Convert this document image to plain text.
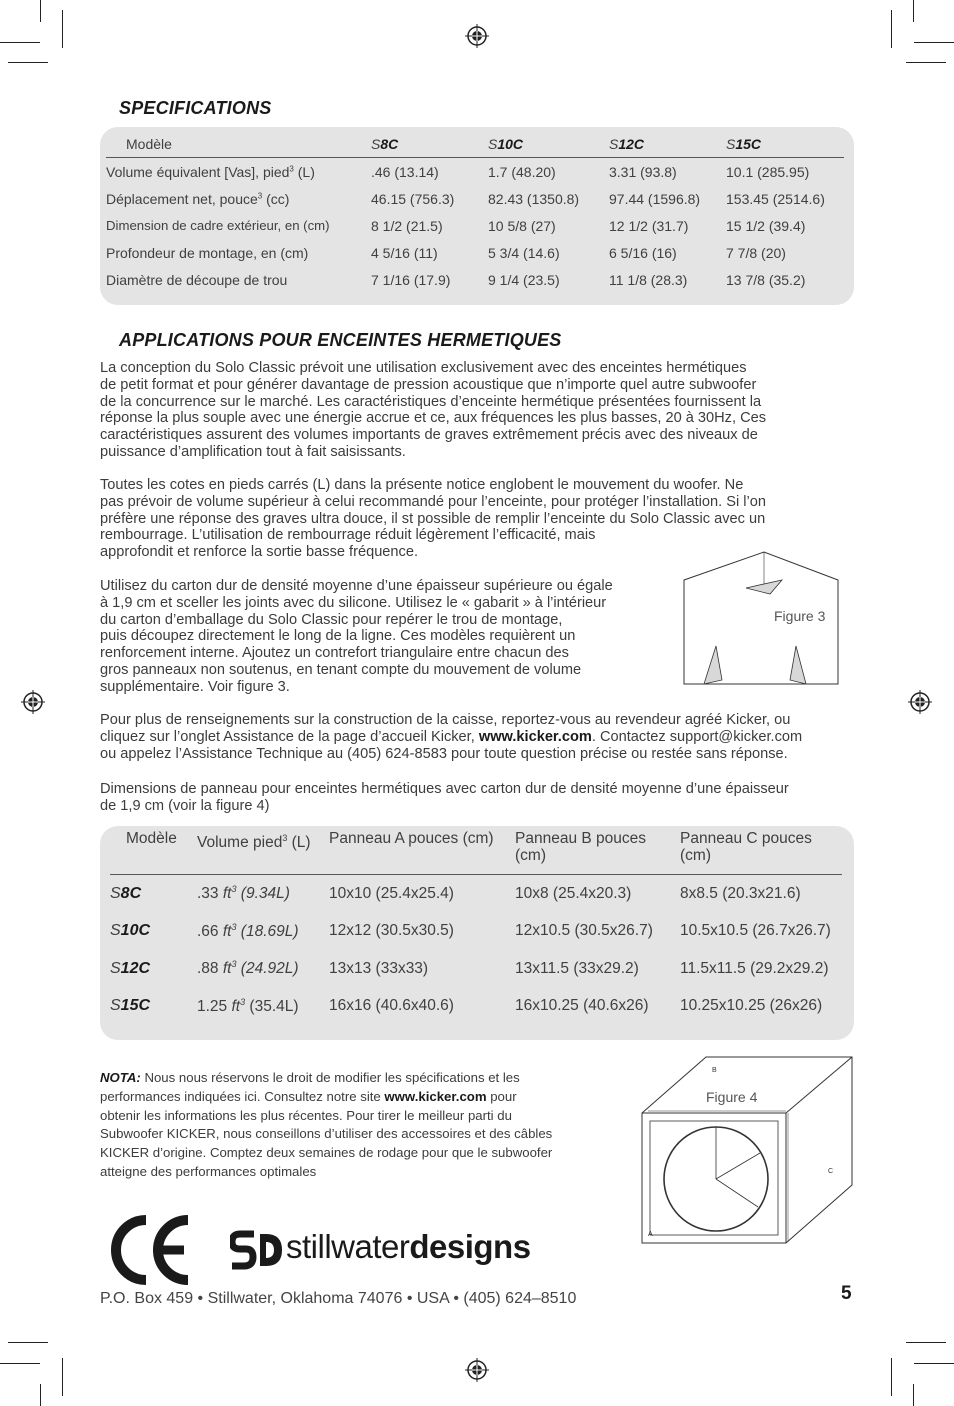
SPECIFICATIONS
Modèle	S8C	S10C	S12C	S15C
Volume équivalent [Vas], pied$^3$ (L)	.46 (13.14)	1.7 (48.20)	3.31 (93.8)	10.1 (285.95)
Déplacement net, pouce$^3$ (cc)	46.15 (756.3)	82.43 (1350.8)	97.44 (1596.8)	153.45 (2514.6)
Dimension de cadre extérieur, en (cm)	8 1/2 (21.5)	10 5/8 (27)	12 1/2 (31.7)	15 1/2 (39.4)
Profondeur de montage, en (cm)	4 5/16 (11)	5 3/4 (14.6)	6 5/16 (16)	7 7/8 (20)
Diamètre de découpe de trou	7 1/16 (17.9)	9 1/4 (23.5)	11 1/8 (28.3)	13 7/8 (35.2)
APPLICATIONS POUR ENCEINTES HERMETIQUES

La conception du Solo Classic prévoit une utilisation exclusivement avec des enceintes hermétiques
de petit format et pour générer davantage de pression acoustique que n’importe quel autre subwoofer
de la concurrence sur le marché. Les caractéristiques d’enceinte hermétique présentées fournissent la
réponse la plus souple avec une énergie accrue et ce, aux fréquences les plus basses, 20 à 30Hz, Ces
caractéristiques assurent des volumes importants de graves extrêmement précis avec des niveaux de
puissance d’amplification tout à fait saisissants.

Toutes les cotes en pieds carrés (L) dans la présente notice englobent le mouvement du woofer. Ne
pas prévoir de volume supérieur à celui recommandé pour l’enceinte, pour protéger l’installation. Si l’on
préfère une réponse des graves ultra douce, il st possible de remplir l’enceinte du Solo Classic avec un
rembourrage. L’utilisation de rembourrage réduit légèrement l’efficacité, mais
approfondit et renforce la sortie basse fréquence.

Utilisez du carton dur de densité moyenne d’une épaisseur supérieure ou égale
à 1,9 cm et sceller les joints avec du silicone. Utilisez le « gabarit » à l’intérieur
du carton d’emballage du Solo Classic pour repérer le trou de montage,
puis découpez directement le long de la ligne. Ces modèles requièrent un
renforcement interne. Ajoutez un contrefort triangulaire entre chacun des
gros panneaux non soutenus, en tenant compte du mouvement de volume
supplémentaire. Voir figure 3.

Figure 3

Pour plus de renseignements sur la construction de la caisse, reportez-vous au revendeur agréé Kicker, ou
cliquez sur l’onglet Assistance de la page d’accueil Kicker, www.kicker.com. Contactez support@kicker.com
ou appelez l’Assistance Technique au (405) 624-8583 pour toute question précise ou restée sans réponse.

Dimensions de panneau pour enceintes hermétiques avec carton dur de densité moyenne d’une épaisseur
de 1,9 cm (voir la figure 4)

Modèle	Volume pied$^3$ (L)	Panneau A pouces (cm)	Panneau B pouces
(cm)	Panneau C pouces
(cm)
S8C	.33 $ft^3$ (9.34L)	10x10 (25.4x25.4)	10x8 (25.4x20.3)	8x8.5 (20.3x21.6)
S10C	.66 $ft^3$ (18.69L)	12x12 (30.5x30.5)	12x10.5 (30.5x26.7)	10.5x10.5 (26.7x26.7)
S12C	.88 $ft^3$ (24.92L)	13x13 (33x33)	13x11.5 (33x29.2)	11.5x11.5 (29.2x29.2)
S15C	1.25 $ft^3$ (35.4L)	16x16 (40.6x40.6)	16x10.25 (40.6x26)	10.25x10.25 (26x26)

NOTA: Nous nous réservons le droit de modifier les spécifications et les
performances indiquées ici. Consultez notre site www.kicker.com pour
obtenir les informations les plus récentes. Pour tirer le meilleur parti du
Subwoofer KICKER, nous conseillons d’utiliser des accessoires et des câbles
KICKER d’origine. Comptez deux semaines de rodage pour que le subwoofer
atteigne des performances optimales

Figure 4
B
C
A
stillwaterdesigns
P.O. Box 459 • Stillwater, Oklahoma 74076 • USA • (405) 624–8510	5
